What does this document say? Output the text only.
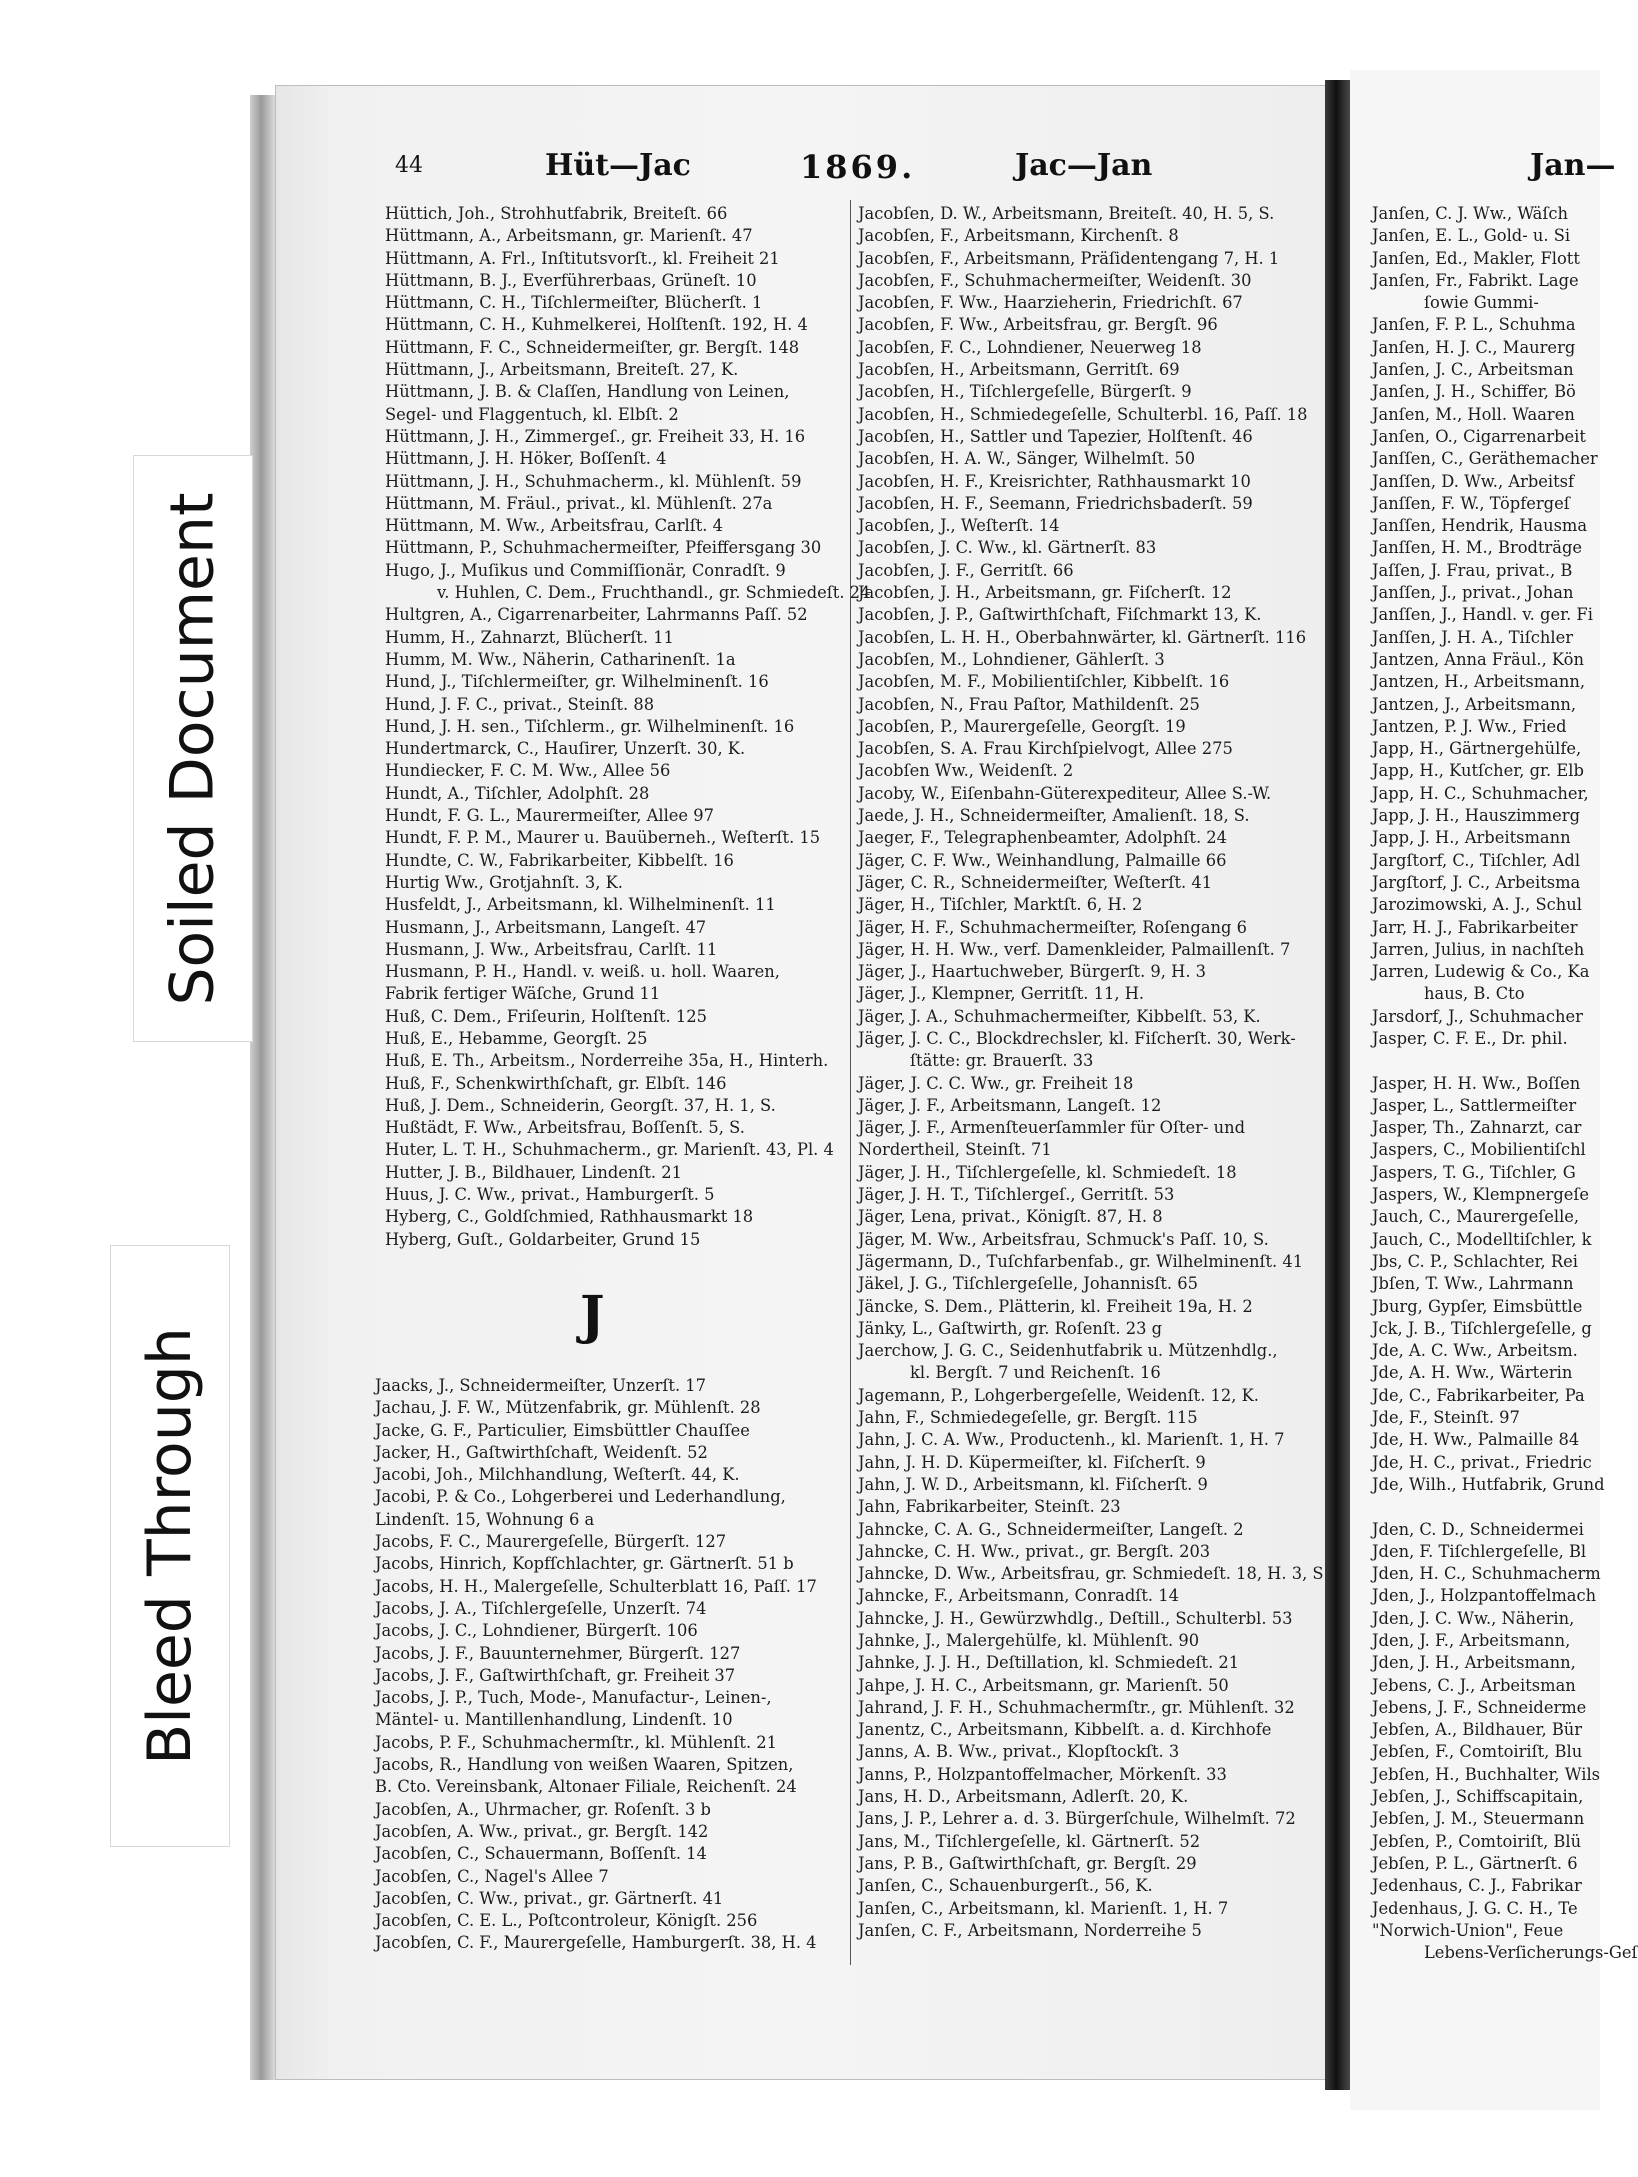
Soiled Document
Bleed Through
44	Hüt—Jac	1869.	Jac—Jan	Jan—
Hüttich, Joh., Strohhutfabrik, Breiteſt. 66
Hüttmann, A., Arbeitsmann, gr. Marienſt. 47
Hüttmann, A. Frl., Inſtitutsvorſt., kl. Freiheit 21
Hüttmann, B. J., Everführerbaas, Grüneſt. 10
Hüttmann, C. H., Tiſchlermeiſter, Blücherſt. 1
Hüttmann, C. H., Kuhmelkerei, Holſtenſt. 192, H. 4
Hüttmann, F. C., Schneidermeiſter, gr. Bergſt. 148
Hüttmann, J., Arbeitsmann, Breiteſt. 27, K.
Hüttmann, J. B. & Claſſen, Handlung von Leinen,
Segel- und Flaggentuch, kl. Elbſt. 2
Hüttmann, J. H., Zimmergeſ., gr. Freiheit 33, H. 16
Hüttmann, J. H. Höker, Boſſenſt. 4
Hüttmann, J. H., Schuhmacherm., kl. Mühlenſt. 59
Hüttmann, M. Fräul., privat., kl. Mühlenſt. 27a
Hüttmann, M. Ww., Arbeitsfrau, Carlſt. 4
Hüttmann, P., Schuhmachermeiſter, Pfeiffersgang 30
Hugo, J., Muſikus und Commiſſionär, Conradſt. 9
v. Huhlen, C. Dem., Fruchthandl., gr. Schmiedeſt. 24
Hultgren, A., Cigarrenarbeiter, Lahrmanns Paſſ. 52
Humm, H., Zahnarzt, Blücherſt. 11
Humm, M. Ww., Näherin, Catharinenſt. 1a
Hund, J., Tiſchlermeiſter, gr. Wilhelminenſt. 16
Hund, J. F. C., privat., Steinſt. 88
Hund, J. H. sen., Tiſchlerm., gr. Wilhelminenſt. 16
Hundertmarck, C., Hauſirer, Unzerſt. 30, K.
Hundiecker, F. C. M. Ww., Allee 56
Hundt, A., Tiſchler, Adolphſt. 28
Hundt, F. G. L., Maurermeiſter, Allee 97
Hundt, F. P. M., Maurer u. Bauüberneh., Weſterſt. 15
Hundte, C. W., Fabrikarbeiter, Kibbelſt. 16
Hurtig Ww., Grotjahnſt. 3, K.
Husfeldt, J., Arbeitsmann, kl. Wilhelminenſt. 11
Husmann, J., Arbeitsmann, Langeſt. 47
Husmann, J. Ww., Arbeitsfrau, Carlſt. 11
Husmann, P. H., Handl. v. weiß. u. holl. Waaren,
Fabrik fertiger Wäſche, Grund 11
Huß, C. Dem., Friſeurin, Holſtenſt. 125
Huß, E., Hebamme, Georgſt. 25
Huß, E. Th., Arbeitsm., Norderreihe 35a, H., Hinterh.
Huß, F., Schenkwirthſchaft, gr. Elbſt. 146
Huß, J. Dem., Schneiderin, Georgſt. 37, H. 1, S.
Hußtädt, F. Ww., Arbeitsfrau, Boſſenſt. 5, S.
Huter, L. T. H., Schuhmacherm., gr. Marienſt. 43, Pl. 4
Hutter, J. B., Bildhauer, Lindenſt. 21
Huus, J. C. Ww., privat., Hamburgerſt. 5
Hyberg, C., Goldſchmied, Rathhausmarkt 18
Hyberg, Guſt., Goldarbeiter, Grund 15
J
Jaacks, J., Schneidermeiſter, Unzerſt. 17
Jachau, J. F. W., Mützenfabrik, gr. Mühlenſt. 28
Jacke, G. F., Particulier, Eimsbüttler Chauſſee
Jacker, H., Gaſtwirthſchaft, Weidenſt. 52
Jacobi, Joh., Milchhandlung, Weſterſt. 44, K.
Jacobi, P. & Co., Lohgerberei und Lederhandlung,
Lindenſt. 15, Wohnung 6 a
Jacobs, F. C., Maurergeſelle, Bürgerſt. 127
Jacobs, Hinrich, Kopfſchlachter, gr. Gärtnerſt. 51 b
Jacobs, H. H., Malergeſelle, Schulterblatt 16, Paſſ. 17
Jacobs, J. A., Tiſchlergeſelle, Unzerſt. 74
Jacobs, J. C., Lohndiener, Bürgerſt. 106
Jacobs, J. F., Bauunternehmer, Bürgerſt. 127
Jacobs, J. F., Gaſtwirthſchaft, gr. Freiheit 37
Jacobs, J. P., Tuch, Mode-, Manufactur-, Leinen-,
Mäntel- u. Mantillenhandlung, Lindenſt. 10
Jacobs, P. F., Schuhmachermſtr., kl. Mühlenſt. 21
Jacobs, R., Handlung von weißen Waaren, Spitzen,
B. Cto. Vereinsbank, Altonaer Filiale, Reichenſt. 24
Jacobſen, A., Uhrmacher, gr. Roſenſt. 3 b
Jacobſen, A. Ww., privat., gr. Bergſt. 142
Jacobſen, C., Schauermann, Boſſenſt. 14
Jacobſen, C., Nagel's Allee 7
Jacobſen, C. Ww., privat., gr. Gärtnerſt. 41
Jacobſen, C. E. L., Poſtcontroleur, Königſt. 256
Jacobſen, C. F., Maurergeſelle, Hamburgerſt. 38, H. 4
Jacobſen, D. W., Arbeitsmann, Breiteſt. 40, H. 5, S.
Jacobſen, F., Arbeitsmann, Kirchenſt. 8
Jacobſen, F., Arbeitsmann, Präſidentengang 7, H. 1
Jacobſen, F., Schuhmachermeiſter, Weidenſt. 30
Jacobſen, F. Ww., Haarzieherin, Friedrichſt. 67
Jacobſen, F. Ww., Arbeitsfrau, gr. Bergſt. 96
Jacobſen, F. C., Lohndiener, Neuerweg 18
Jacobſen, H., Arbeitsmann, Gerritſt. 69
Jacobſen, H., Tiſchlergeſelle, Bürgerſt. 9
Jacobſen, H., Schmiedegeſelle, Schulterbl. 16, Paſſ. 18
Jacobſen, H., Sattler und Tapezier, Holſtenſt. 46
Jacobſen, H. A. W., Sänger, Wilhelmſt. 50
Jacobſen, H. F., Kreisrichter, Rathhausmarkt 10
Jacobſen, H. F., Seemann, Friedrichsbaderſt. 59
Jacobſen, J., Weſterſt. 14
Jacobſen, J. C. Ww., kl. Gärtnerſt. 83
Jacobſen, J. F., Gerritſt. 66
Jacobſen, J. H., Arbeitsmann, gr. Fiſcherſt. 12
Jacobſen, J. P., Gaſtwirthſchaft, Fiſchmarkt 13, K.
Jacobſen, L. H. H., Oberbahnwärter, kl. Gärtnerſt. 116
Jacobſen, M., Lohndiener, Gählerſt. 3
Jacobſen, M. F., Mobilientiſchler, Kibbelſt. 16
Jacobſen, N., Frau Paſtor, Mathildenſt. 25
Jacobſen, P., Maurergeſelle, Georgſt. 19
Jacobſen, S. A. Frau Kirchſpielvogt, Allee 275
Jacobſen Ww., Weidenſt. 2
Jacoby, W., Eiſenbahn-Güterexpediteur, Allee S.-W.
Jaede, J. H., Schneidermeiſter, Amalienſt. 18, S.
Jaeger, F., Telegraphenbeamter, Adolphſt. 24
Jäger, C. F. Ww., Weinhandlung, Palmaille 66
Jäger, C. R., Schneidermeiſter, Weſterſt. 41
Jäger, H., Tiſchler, Marktſt. 6, H. 2
Jäger, H. F., Schuhmachermeiſter, Roſengang 6
Jäger, H. H. Ww., verf. Damenkleider, Palmaillenſt. 7
Jäger, J., Haartuchweber, Bürgerſt. 9, H. 3
Jäger, J., Klempner, Gerritſt. 11, H.
Jäger, J. A., Schuhmachermeiſter, Kibbelſt. 53, K.
Jäger, J. C. C., Blockdrechsler, kl. Fiſcherſt. 30, Werk-
ſtätte: gr. Brauerſt. 33
Jäger, J. C. C. Ww., gr. Freiheit 18
Jäger, J. F., Arbeitsmann, Langeſt. 12
Jäger, J. F., Armenſteuerſammler für Oſter- und
Nordertheil, Steinſt. 71
Jäger, J. H., Tiſchlergeſelle, kl. Schmiedeſt. 18
Jäger, J. H. T., Tiſchlergeſ., Gerritſt. 53
Jäger, Lena, privat., Königſt. 87, H. 8
Jäger, M. Ww., Arbeitsfrau, Schmuck's Paſſ. 10, S.
Jägermann, D., Tuſchfarbenfab., gr. Wilhelminenſt. 41
Jäkel, J. G., Tiſchlergeſelle, Johannisſt. 65
Jäncke, S. Dem., Plätterin, kl. Freiheit 19a, H. 2
Jänky, L., Gaſtwirth, gr. Roſenſt. 23 g
Jaerchow, J. G. C., Seidenhutfabrik u. Mützenhdlg.,
kl. Bergſt. 7 und Reichenſt. 16
Jagemann, P., Lohgerbergeſelle, Weidenſt. 12, K.
Jahn, F., Schmiedegeſelle, gr. Bergſt. 115
Jahn, J. C. A. Ww., Productenh., kl. Marienſt. 1, H. 7
Jahn, J. H. D. Küpermeiſter, kl. Fiſcherſt. 9
Jahn, J. W. D., Arbeitsmann, kl. Fiſcherſt. 9
Jahn, Fabrikarbeiter, Steinſt. 23
Jahncke, C. A. G., Schneidermeiſter, Langeſt. 2
Jahncke, C. H. Ww., privat., gr. Bergſt. 203
Jahncke, D. Ww., Arbeitsfrau, gr. Schmiedeſt. 18, H. 3, S
Jahncke, F., Arbeitsmann, Conradſt. 14
Jahncke, J. H., Gewürzwhdlg., Deſtill., Schulterbl. 53
Jahnke, J., Malergehülfe, kl. Mühlenſt. 90
Jahnke, J. J. H., Deſtillation, kl. Schmiedeſt. 21
Jahpe, J. H. C., Arbeitsmann, gr. Marienſt. 50
Jahrand, J. F. H., Schuhmachermſtr., gr. Mühlenſt. 32
Janentz, C., Arbeitsmann, Kibbelſt. a. d. Kirchhofe
Janns, A. B. Ww., privat., Klopſtockſt. 3
Janns, P., Holzpantoffelmacher, Mörkenſt. 33
Jans, H. D., Arbeitsmann, Adlerſt. 20, K.
Jans, J. P., Lehrer a. d. 3. Bürgerſchule, Wilhelmſt. 72
Jans, M., Tiſchlergeſelle, kl. Gärtnerſt. 52
Jans, P. B., Gaſtwirthſchaft, gr. Bergſt. 29
Janſen, C., Schauenburgerſt., 56, K.
Janſen, C., Arbeitsmann, kl. Marienſt. 1, H. 7
Janſen, C. F., Arbeitsmann, Norderreihe 5
Janſen, C. J. Ww., Wäſch
Janſen, E. L., Gold- u. Si
Janſen, Ed., Makler, Flott
Janſen, Fr., Fabrikt. Lage
ſowie Gummi-
Janſen, F. P. L., Schuhma
Janſen, H. J. C., Maurerg
Janſen, J. C., Arbeitsman
Janſen, J. H., Schiffer, Bö
Janſen, M., Holl. Waaren
Janſen, O., Cigarrenarbeit
Janſſen, C., Geräthemacher
Janſſen, D. Ww., Arbeitsf
Janſſen, F. W., Töpfergeſ
Janſſen, Hendrik, Hausma
Janſſen, H. M., Brodträge
Jaſſen, J. Frau, privat., B
Janſſen, J., privat., Johan
Janſſen, J., Handl. v. ger. Fi
Janſſen, J. H. A., Tiſchler
Jantzen, Anna Fräul., Kön
Jantzen, H., Arbeitsmann,
Jantzen, J., Arbeitsmann,
Jantzen, P. J. Ww., Fried
Japp, H., Gärtnergehülfe,
Japp, H., Kutſcher, gr. Elb
Japp, H. C., Schuhmacher,
Japp, J. H., Hauszimmerg
Japp, J. H., Arbeitsmann
Jargſtorf, C., Tiſchler, Adl
Jargſtorf, J. C., Arbeitsma
Jarozimowski, A. J., Schul
Jarr, H. J., Fabrikarbeiter
Jarren, Julius, in nachſteh
Jarren, Ludewig & Co., Ka
haus, B. Cto
Jarsdorf, J., Schuhmacher
Jasper, C. F. E., Dr. phil.
Jasper, H. H. Ww., Boſſen
Jasper, L., Sattlermeiſter
Jasper, Th., Zahnarzt, car
Jaspers, C., Mobilientiſchl
Jaspers, T. G., Tiſchler, G
Jaspers, W., Klempnergeſe
Jauch, C., Maurergeſelle,
Jauch, C., Modelltiſchler, k
Jbs, C. P., Schlachter, Rei
Jbſen, T. Ww., Lahrmann
Jburg, Gypſer, Eimsbüttle
Jck, J. B., Tiſchlergeſelle, g
Jde, A. C. Ww., Arbeitsm.
Jde, A. H. Ww., Wärterin
Jde, C., Fabrikarbeiter, Pa
Jde, F., Steinſt. 97
Jde, H. Ww., Palmaille 84
Jde, H. C., privat., Friedric
Jde, Wilh., Hutfabrik, Grund
Jden, C. D., Schneidermei
Jden, F. Tiſchlergeſelle, Bl
Jden, H. C., Schuhmacherm
Jden, J., Holzpantoffelmach
Jden, J. C. Ww., Näherin,
Jden, J. F., Arbeitsmann,
Jden, J. H., Arbeitsmann,
Jebens, C. J., Arbeitsman
Jebens, J. F., Schneiderme
Jebſen, A., Bildhauer, Bür
Jebſen, F., Comtoiriſt, Blu
Jebſen, H., Buchhalter, Wils
Jebſen, J., Schiffscapitain,
Jebſen, J. M., Steuermann
Jebſen, P., Comtoiriſt, Blü
Jebſen, P. L., Gärtnerſt. 6
Jedenhaus, C. J., Fabrikar
Jedenhaus, J. G. C. H., Te
"Norwich-Union", Feue
Lebens-Verſicherungs-Geſ
